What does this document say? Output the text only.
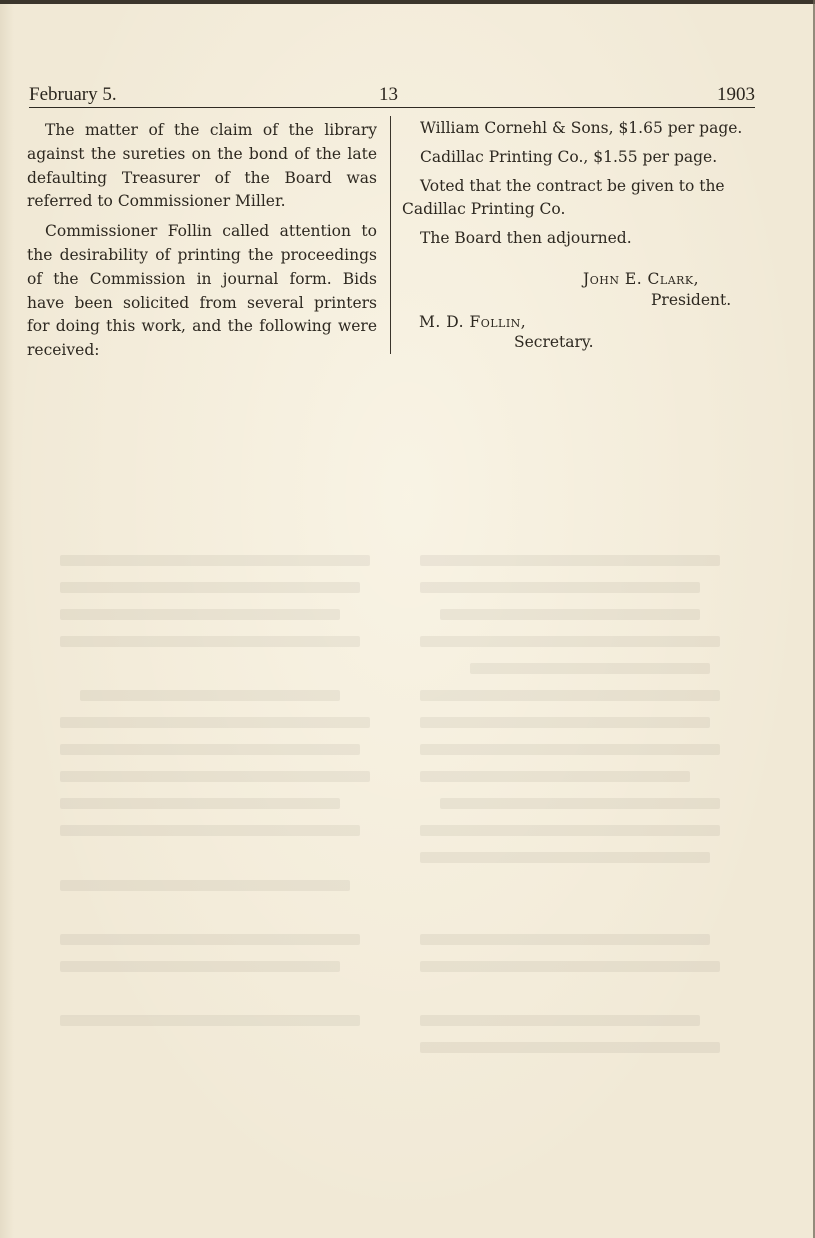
February 5.	13	1903

The matter of the claim of the library against the sureties on the bond of the late defaulting Treasurer of the Board was referred to Commissioner Miller.

Commissioner Follin called attention to the desirability of printing the proceedings of the Commission in journal form. Bids have been solicited from several printers for doing this work, and the following were received:

William Cornehl & Sons, $1.65 per page.

Cadillac Printing Co., $1.55 per page.

Voted that the contract be given to the Cadillac Printing Co.

The Board then adjourned.

John E. Clark,
President.
M. D. Follin,
Secretary.
